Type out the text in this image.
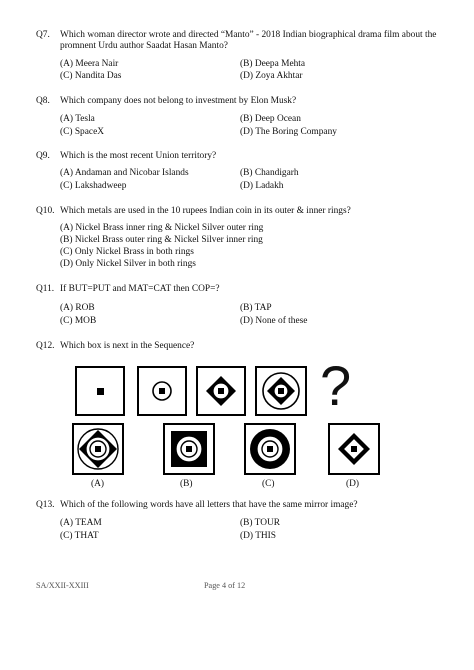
Q7. Which woman director wrote and directed “Manto” - 2018 Indian biographical drama film about the promnent Urdu author Saadat Hasan Manto?
(A) Meera Nair	(B) Deepa Mehta
(C) Nandita Das	(D) Zoya Akhtar
Q8. Which company does not belong to investment by Elon Musk?
(A) Tesla	(B) Deep Ocean
(C) SpaceX	(D) The Boring Company
Q9. Which is the most recent Union territory?
(A) Andaman and Nicobar Islands	(B) Chandigarh
(C) Lakshadweep	(D) Ladakh
Q10. Which metals are used in the 10 rupees Indian coin in its outer & inner rings?
(A) Nickel Brass inner ring & Nickel Silver outer ring
(B) Nickel Brass outer ring & Nickel Silver inner ring
(C) Only Nickel Brass in both rings
(D) Only Nickel Silver in both rings
Q11. If BUT=PUT and MAT=CAT then COP=?
(A) ROB	(B) TAP
(C) MOB	(D) None of these
Q12. Which box is next in the Sequence?
?
(A)	(B)	(C)	(D)
Q13. Which of the following words have all letters that have the same mirror image?
(A) TEAM	(B) TOUR
(C) THAT	(D) THIS
SA/XXII-XXIII	Page 4 of 12
